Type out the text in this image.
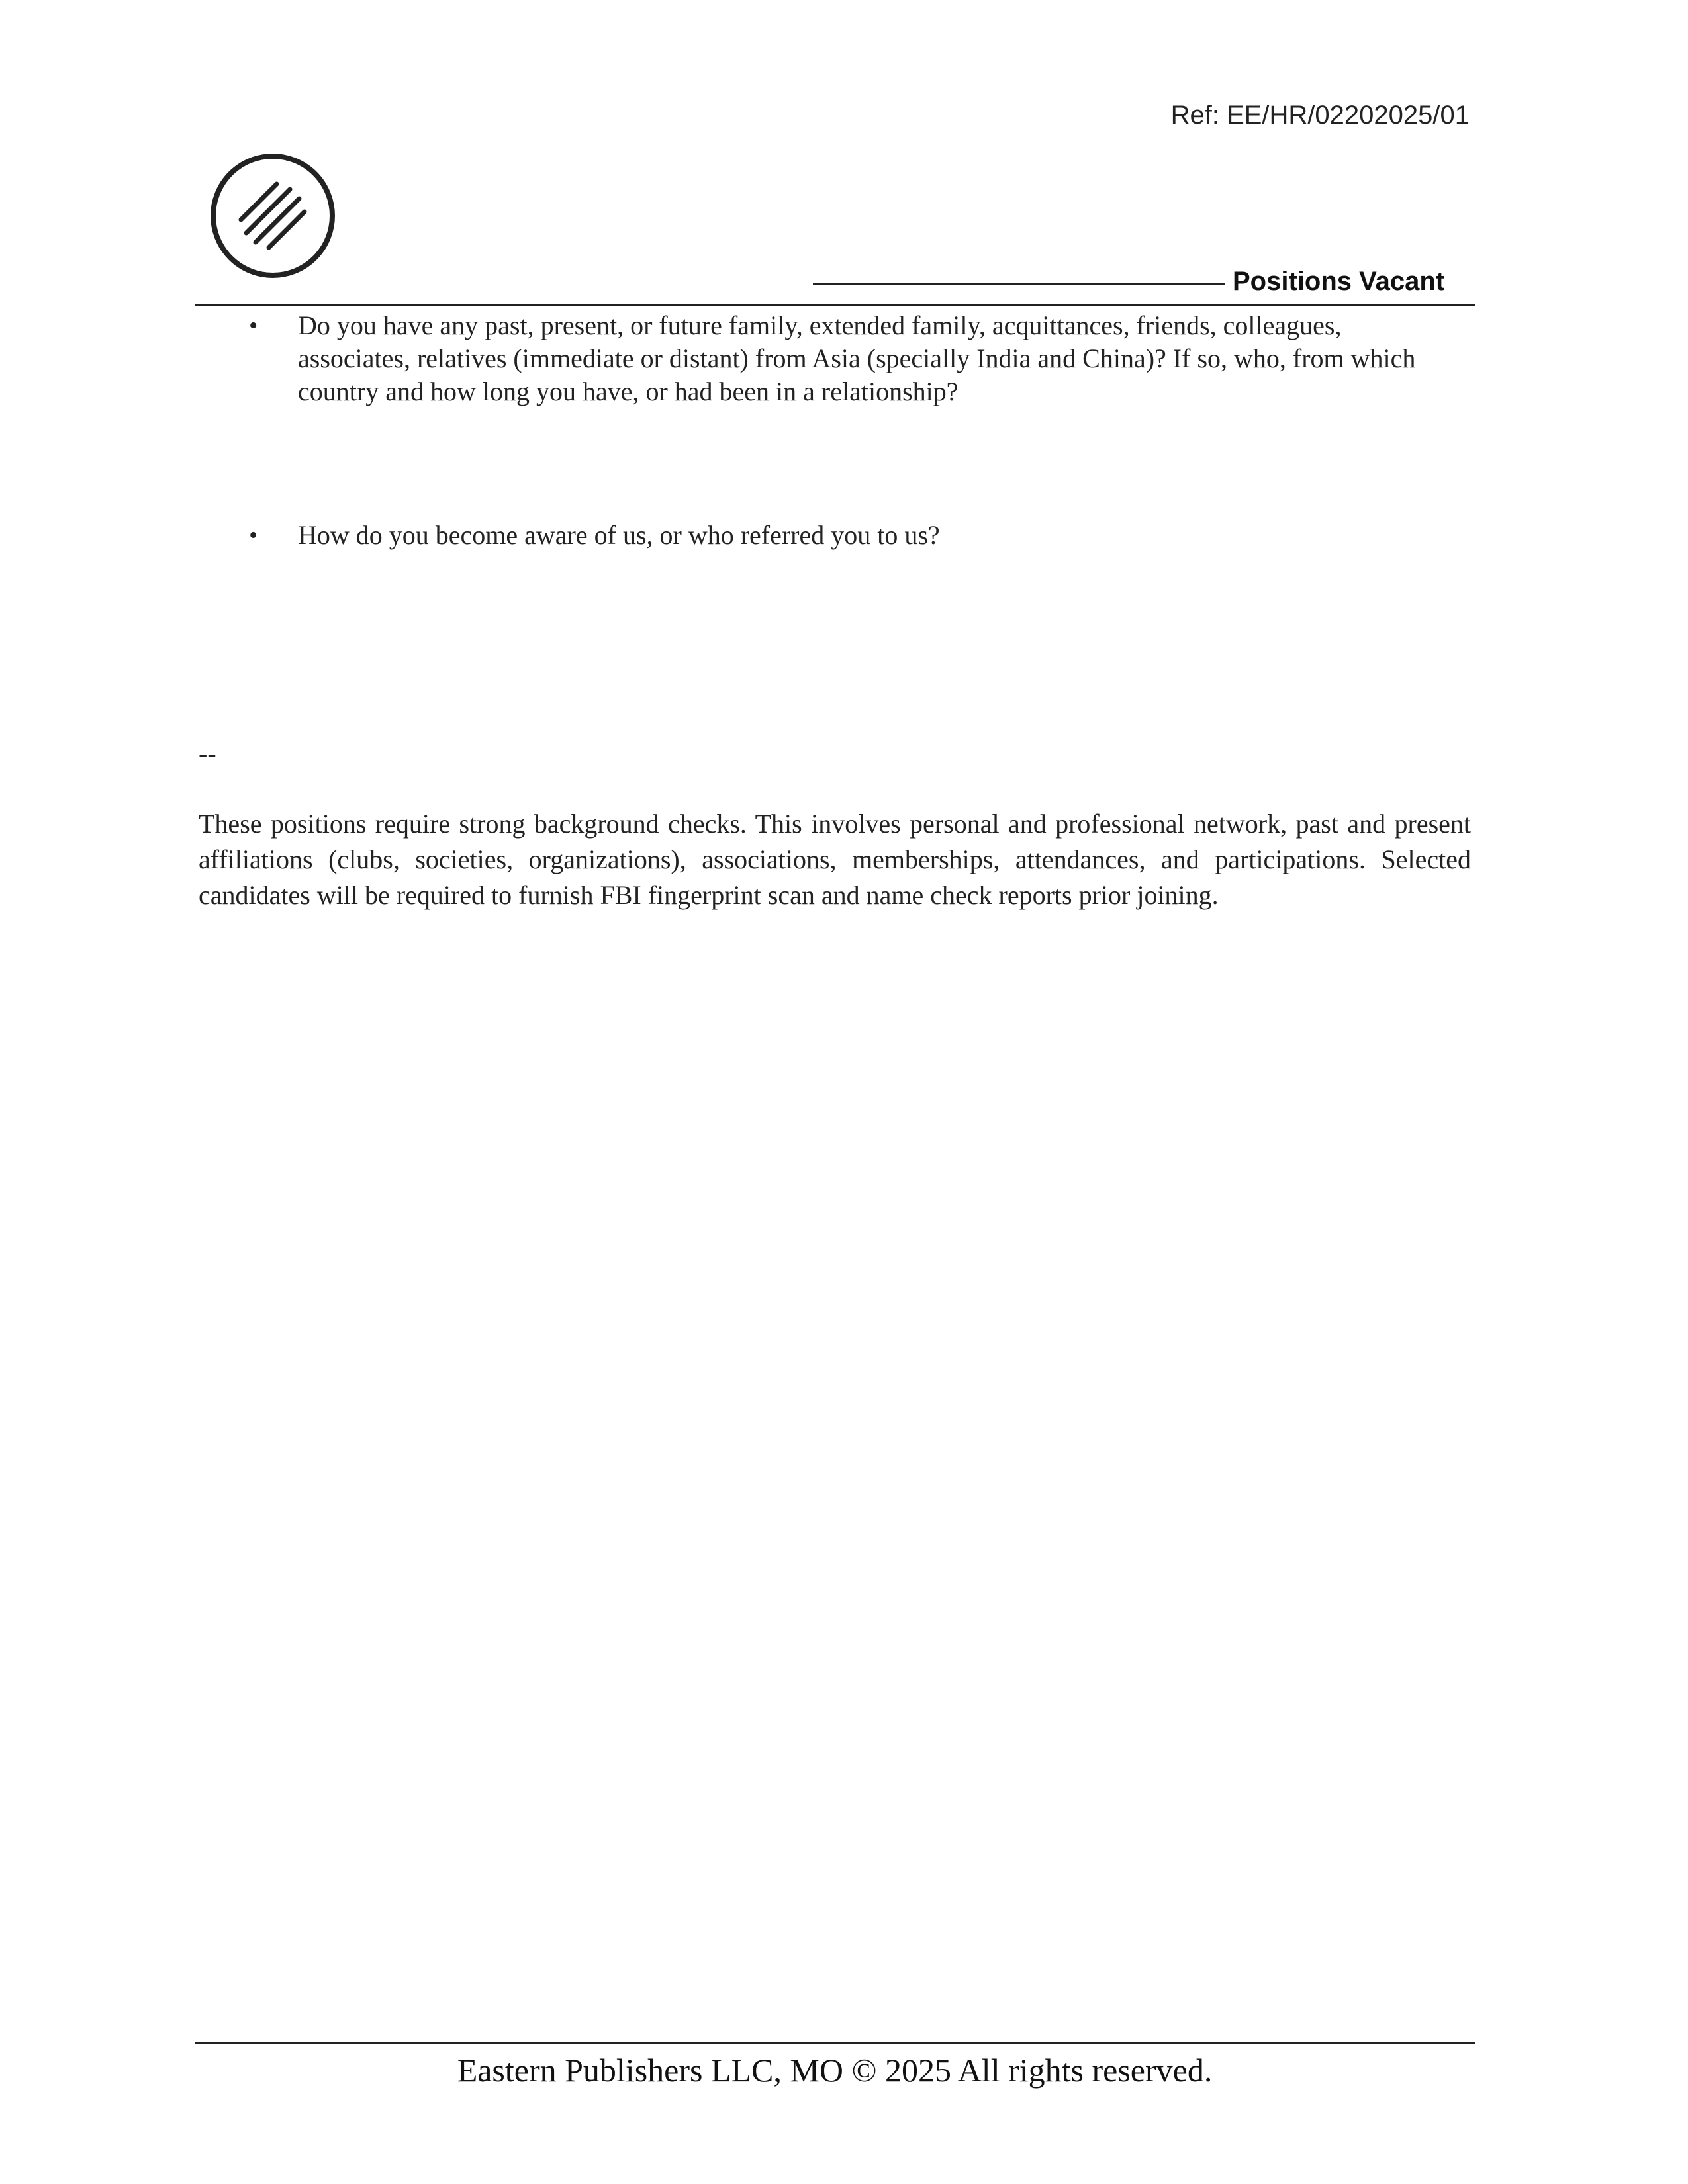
Ref: EE/HR/02202025/01
Positions Vacant
• Do you have any past, present, or future family, extended family, acquittances, friends, colleagues, associates, relatives (immediate or distant) from Asia (specially India and China)? If so, who, from which country and how long you have, or had been in a relationship?
• How do you become aware of us, or who referred you to us?
--
These positions require strong background checks. This involves personal and professional network, past and present affiliations (clubs, societies, organizations), associations, memberships, attendances, and participations. Selected candidates will be required to furnish FBI fingerprint scan and name check reports prior joining.
Eastern Publishers LLC, MO © 2025 All rights reserved.
